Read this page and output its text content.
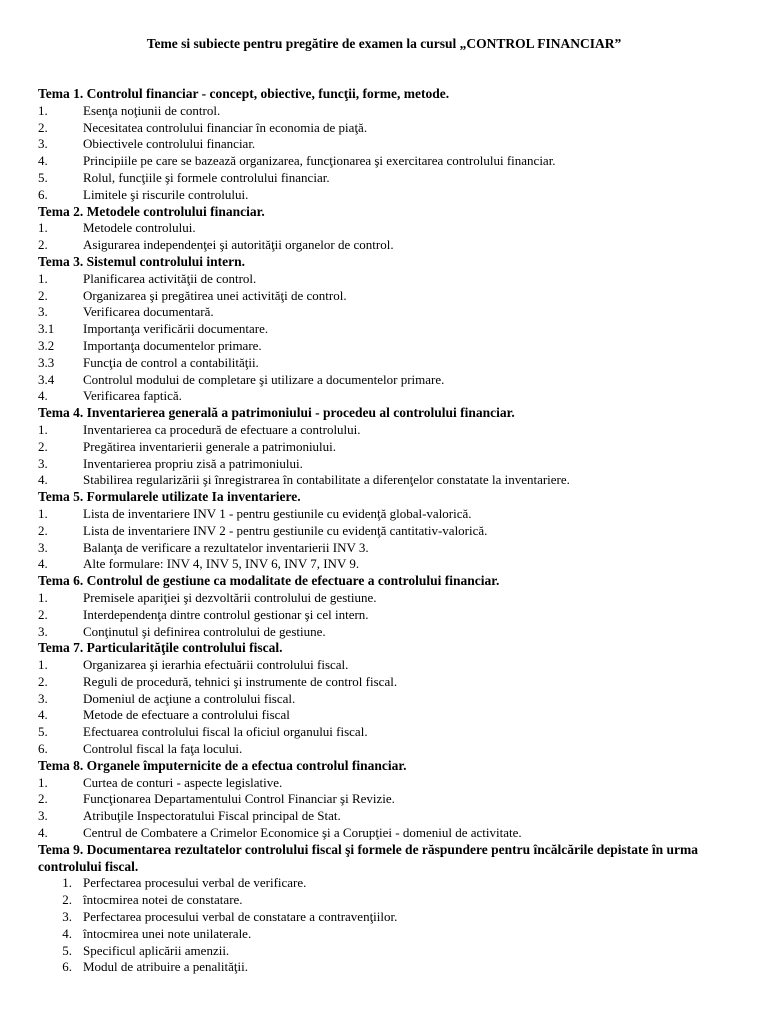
Teme si subiecte pentru pregătire de examen la cursul „CONTROL FINANCIAR”
Tema 1. Controlul financiar - concept, obiective, funcţii, forme, metode.
1.	Esenţa noţiunii de control.
2.	Necesitatea controlului financiar în economia de piaţă.
3.	Obiectivele controlului financiar.
4.	Principiile pe care se bazează organizarea, funcţionarea şi exercitarea controlului financiar.
5.	Rolul, funcţiile şi formele controlului financiar.
6.	Limitele şi riscurile controlului.
Tema 2. Metodele controlului financiar.
1.	Metodele controlului.
2.	Asigurarea independenţei şi autorităţii organelor de control.
Tema 3. Sistemul controlului intern.
1.	Planificarea activităţii de control.
2.	Organizarea şi pregătirea unei activităţi de control.
3.	Verificarea documentară.
3.1 Importanţa verificării documentare.
3.2 Importanţa documentelor primare.
3.3 Funcţia de control a contabilităţii.
3.4 Controlul modului de completare şi utilizare a documentelor primare.
4.	Verificarea faptică.
Tema 4. Inventarierea generală a patrimoniului - procedeu al controlului financiar.
1.	Inventarierea ca procedură de efectuare a controlului.
2.	Pregătirea inventarierii generale a patrimoniului.
3.	Inventarierea propriu zisă a patrimoniului.
4.	Stabilirea regularizării şi înregistrarea în contabilitate a diferenţelor constatate la inventariere.
Tema 5. Formularele utilizate Ia inventariere.
1.	Lista de inventariere INV 1 - pentru gestiunile cu evidenţă global-valorică.
2.	Lista de inventariere INV 2 - pentru gestiunile cu evidenţă cantitativ-valorică.
3.	Balanţa de verificare a rezultatelor inventarierii INV 3.
4.	Alte formulare: INV 4, INV 5, INV 6, INV 7, INV 9.
Tema 6. Controlul de gestiune ca modalitate de efectuare a controlului financiar.
1.	Premisele apariţiei şi dezvoltării controlului de gestiune.
2.	Interdependenţa dintre controlul gestionar şi cel intern.
3.	Conţinutul şi definirea controlului de gestiune.
Tema 7. Particularităţile controlului fiscal.
1.	Organizarea şi ierarhia efectuării controlului fiscal.
2.	Reguli de procedură, tehnici şi instrumente de control fiscal.
3.	Domeniul de acţiune a controlului fiscal.
4.	Metode de efectuare a controlului fiscal
5.	Efectuarea controlului fiscal la oficiul organului fiscal.
6.	Controlul fiscal la faţa locului.
Tema 8. Organele împuternicite de a efectua controlul financiar.
1.	Curtea de conturi - aspecte legislative.
2.	Funcţionarea Departamentului Control Financiar şi Revizie.
3.	Atribuţile Inspectoratului Fiscal principal de Stat.
4.	Centrul de Combatere a Crimelor Economice şi a Corupţiei - domeniul de activitate.
Tema 9. Documentarea rezultatelor controlului fiscal şi formele de răspundere pentru încălcările depistate în urma controlului fiscal.
1. Perfectarea procesului verbal de verificare.
2. întocmirea notei de constatare.
3. Perfectarea procesului verbal de constatare a contravenţiilor.
4. întocmirea unei note unilaterale.
5. Specificul aplicării amenzii.
6. Modul de atribuire a penalităţii.
